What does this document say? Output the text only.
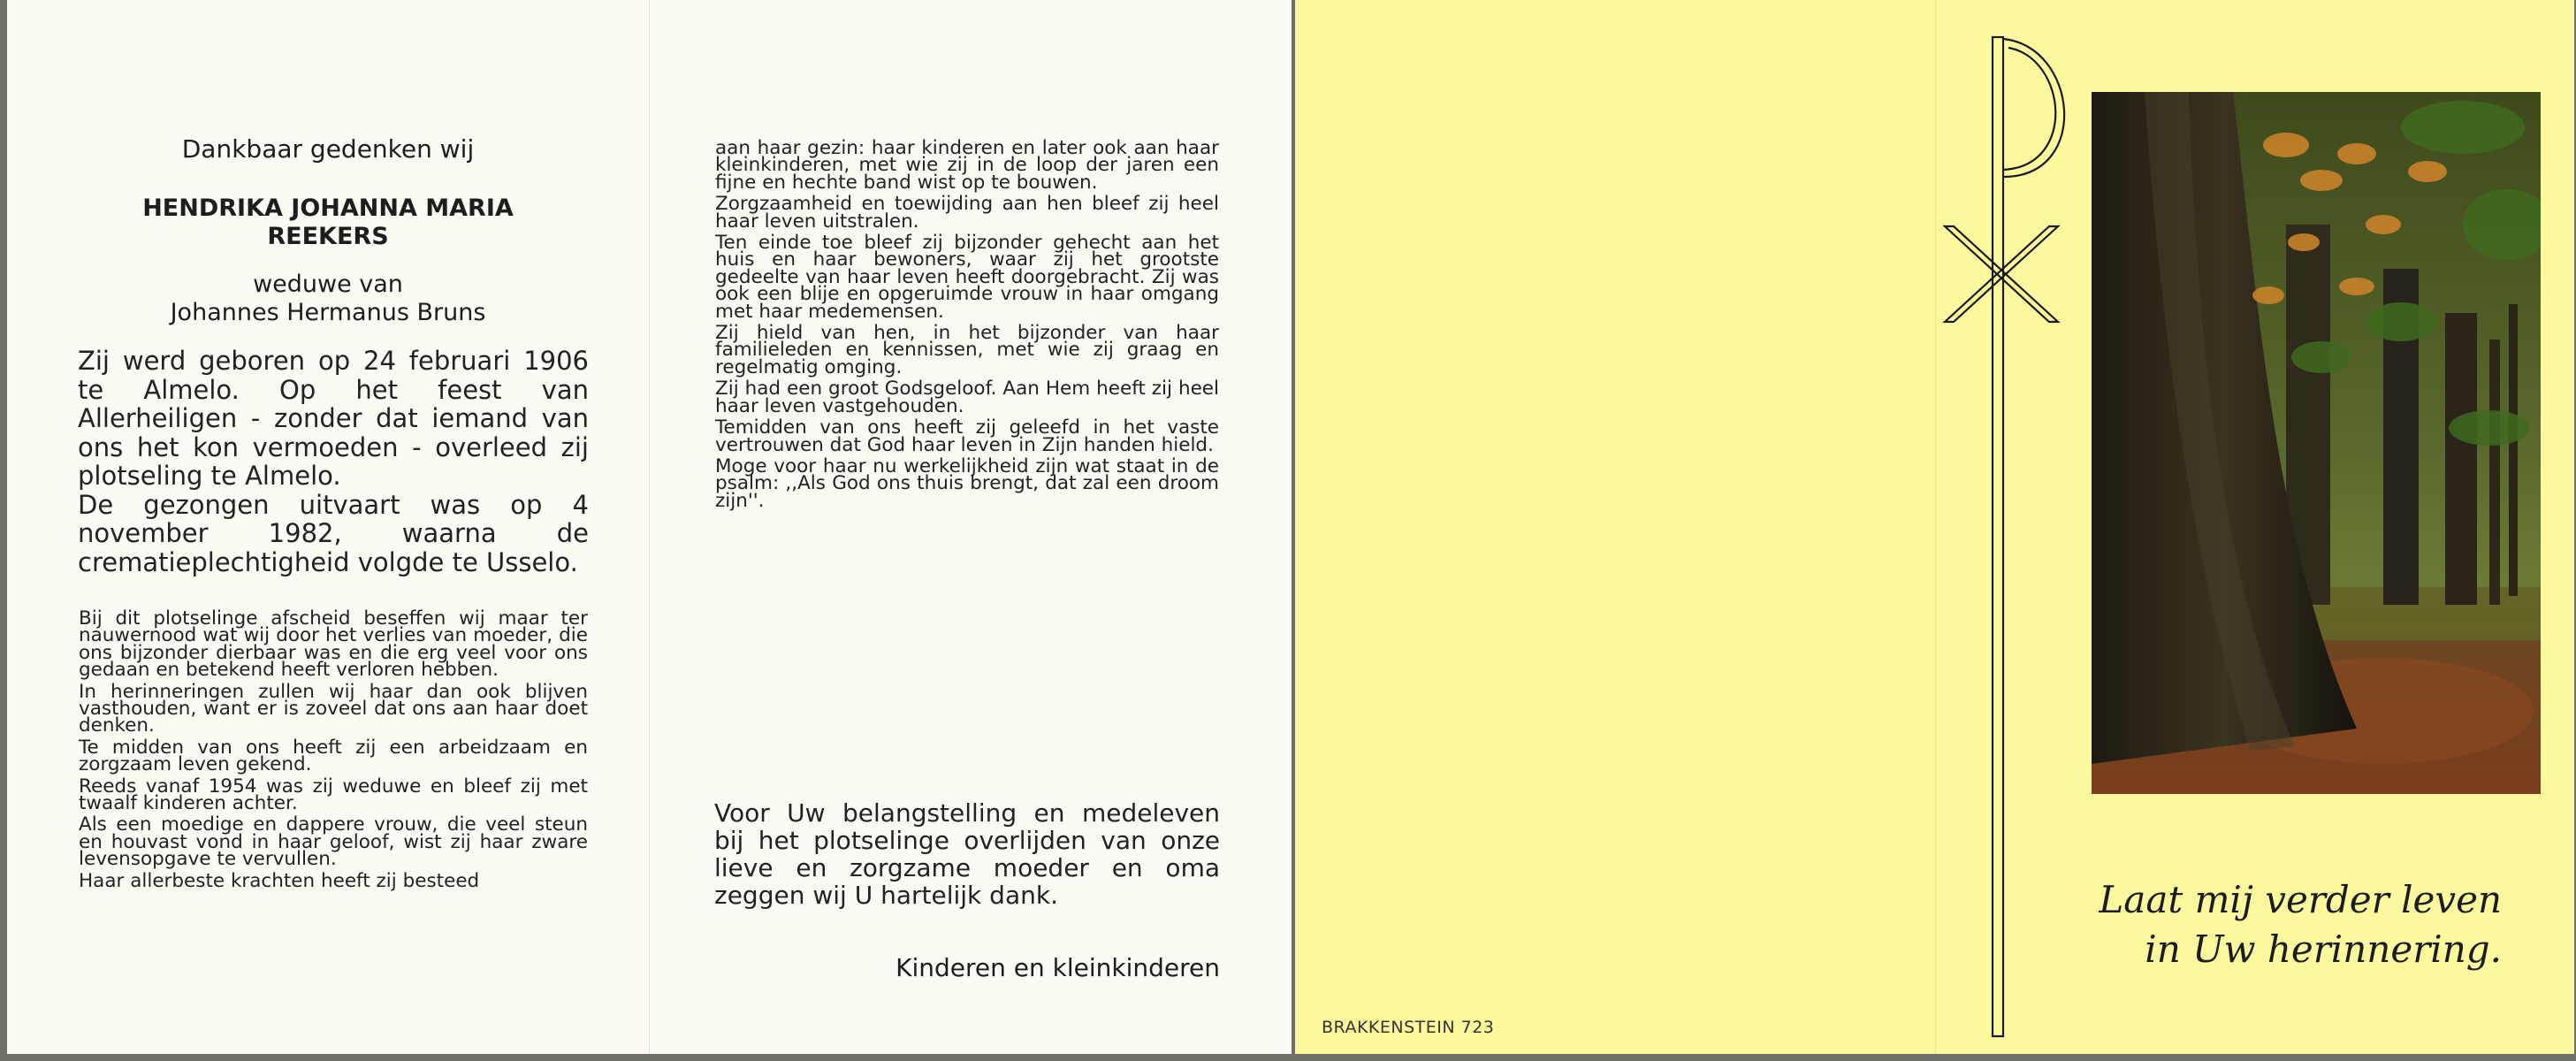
Dankbaar gedenken wij
HENDRIKA JOHANNA MARIA
REEKERS
weduwe van
Johannes Hermanus Bruns

Zij werd geboren op 24 februari 1906 te Almelo. Op het feest van Allerheiligen - zonder dat iemand van ons het kon vermoeden - overleed zij plotseling te Almelo.

De gezongen uitvaart was op 4 november 1982, waarna de crematieplechtigheid volgde te Usselo.

Bij dit plotselinge afscheid beseffen wij maar ter nauwernood wat wij door het verlies van moeder, die ons bijzonder dierbaar was en die erg veel voor ons gedaan en betekend heeft verloren hebben.

In herinneringen zullen wij haar dan ook blijven vasthouden, want er is zoveel dat ons aan haar doet denken.

Te midden van ons heeft zij een arbeidzaam en zorgzaam leven gekend.

Reeds vanaf 1954 was zij weduwe en bleef zij met twaalf kinderen achter.

Als een moedige en dappere vrouw, die veel steun en houvast vond in haar geloof, wist zij haar zware levensopgave te vervullen.

Haar allerbeste krachten heeft zij besteed

aan haar gezin: haar kinderen en later ook aan haar kleinkinderen, met wie zij in de loop der jaren een fijne en hechte band wist op te bouwen.

Zorgzaamheid en toewijding aan hen bleef zij heel haar leven uitstralen.

Ten einde toe bleef zij bijzonder gehecht aan het huis en haar bewoners, waar zij het grootste gedeelte van haar leven heeft doorgebracht. Zij was ook een blije en opgeruimde vrouw in haar omgang met haar medemensen.

Zij hield van hen, in het bijzonder van haar familieleden en kennissen, met wie zij graag en regelmatig omging.

Zij had een groot Godsgeloof. Aan Hem heeft zij heel haar leven vastgehouden.

Temidden van ons heeft zij geleefd in het vaste vertrouwen dat God haar leven in Zijn handen hield.

Moge voor haar nu werkelijkheid zijn wat staat in de psalm: ,,Als God ons thuis brengt, dat zal een droom zijn''.

Voor Uw belangstelling en medeleven bij het plotselinge overlijden van onze lieve en zorgzame moeder en oma zeggen wij U hartelijk dank.

Kinderen en kleinkinderen
BRAKKENSTEIN 723
Laat mij verder leven
in Uw herinnering.
